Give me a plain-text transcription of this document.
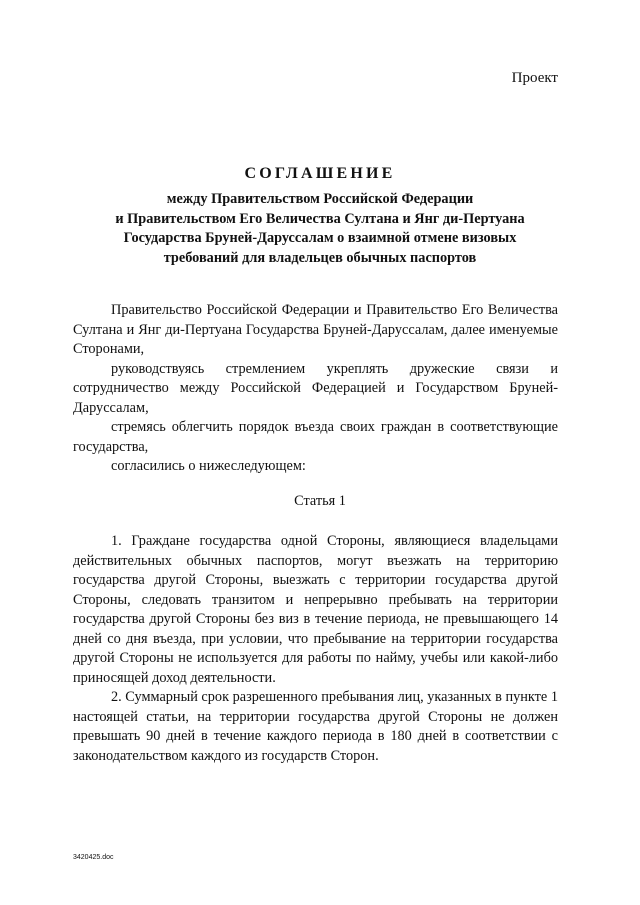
Проект
СОГЛАШЕНИЕ
между Правительством Российской Федерации
и Правительством Его Величества Султана и Янг ди-Пертуана
Государства Бруней-Даруссалам о взаимной отмене визовых
требований для владельцев обычных паспортов

Правительство Российской Федерации и Правительство Его Величества Султана и Янг ди-Пертуана Государства Бруней-Даруссалам, далее именуемые Сторонами,

руководствуясь стремлением укреплять дружеские связи и сотрудничество между Российской Федерацией и Государством Бруней-Даруссалам,

стремясь облегчить порядок въезда своих граждан в соответствующие государства,

согласились о нижеследующем:

Статья 1

1. Граждане государства одной Стороны, являющиеся владельцами действительных обычных паспортов, могут въезжать на территорию государства другой Стороны, выезжать с территории государства другой Стороны, следовать транзитом и непрерывно пребывать на территории государства другой Стороны без виз в течение периода, не превышающего 14 дней со дня въезда, при условии, что пребывание на территории государства другой Стороны не используется для работы по найму, учебы или какой-либо приносящей доход деятельности.

2. Суммарный срок разрешенного пребывания лиц, указанных в пункте 1 настоящей статьи, на территории государства другой Стороны не должен превышать 90 дней в течение каждого периода в 180 дней в соответствии с законодательством каждого из государств Сторон.

3420425.doc
